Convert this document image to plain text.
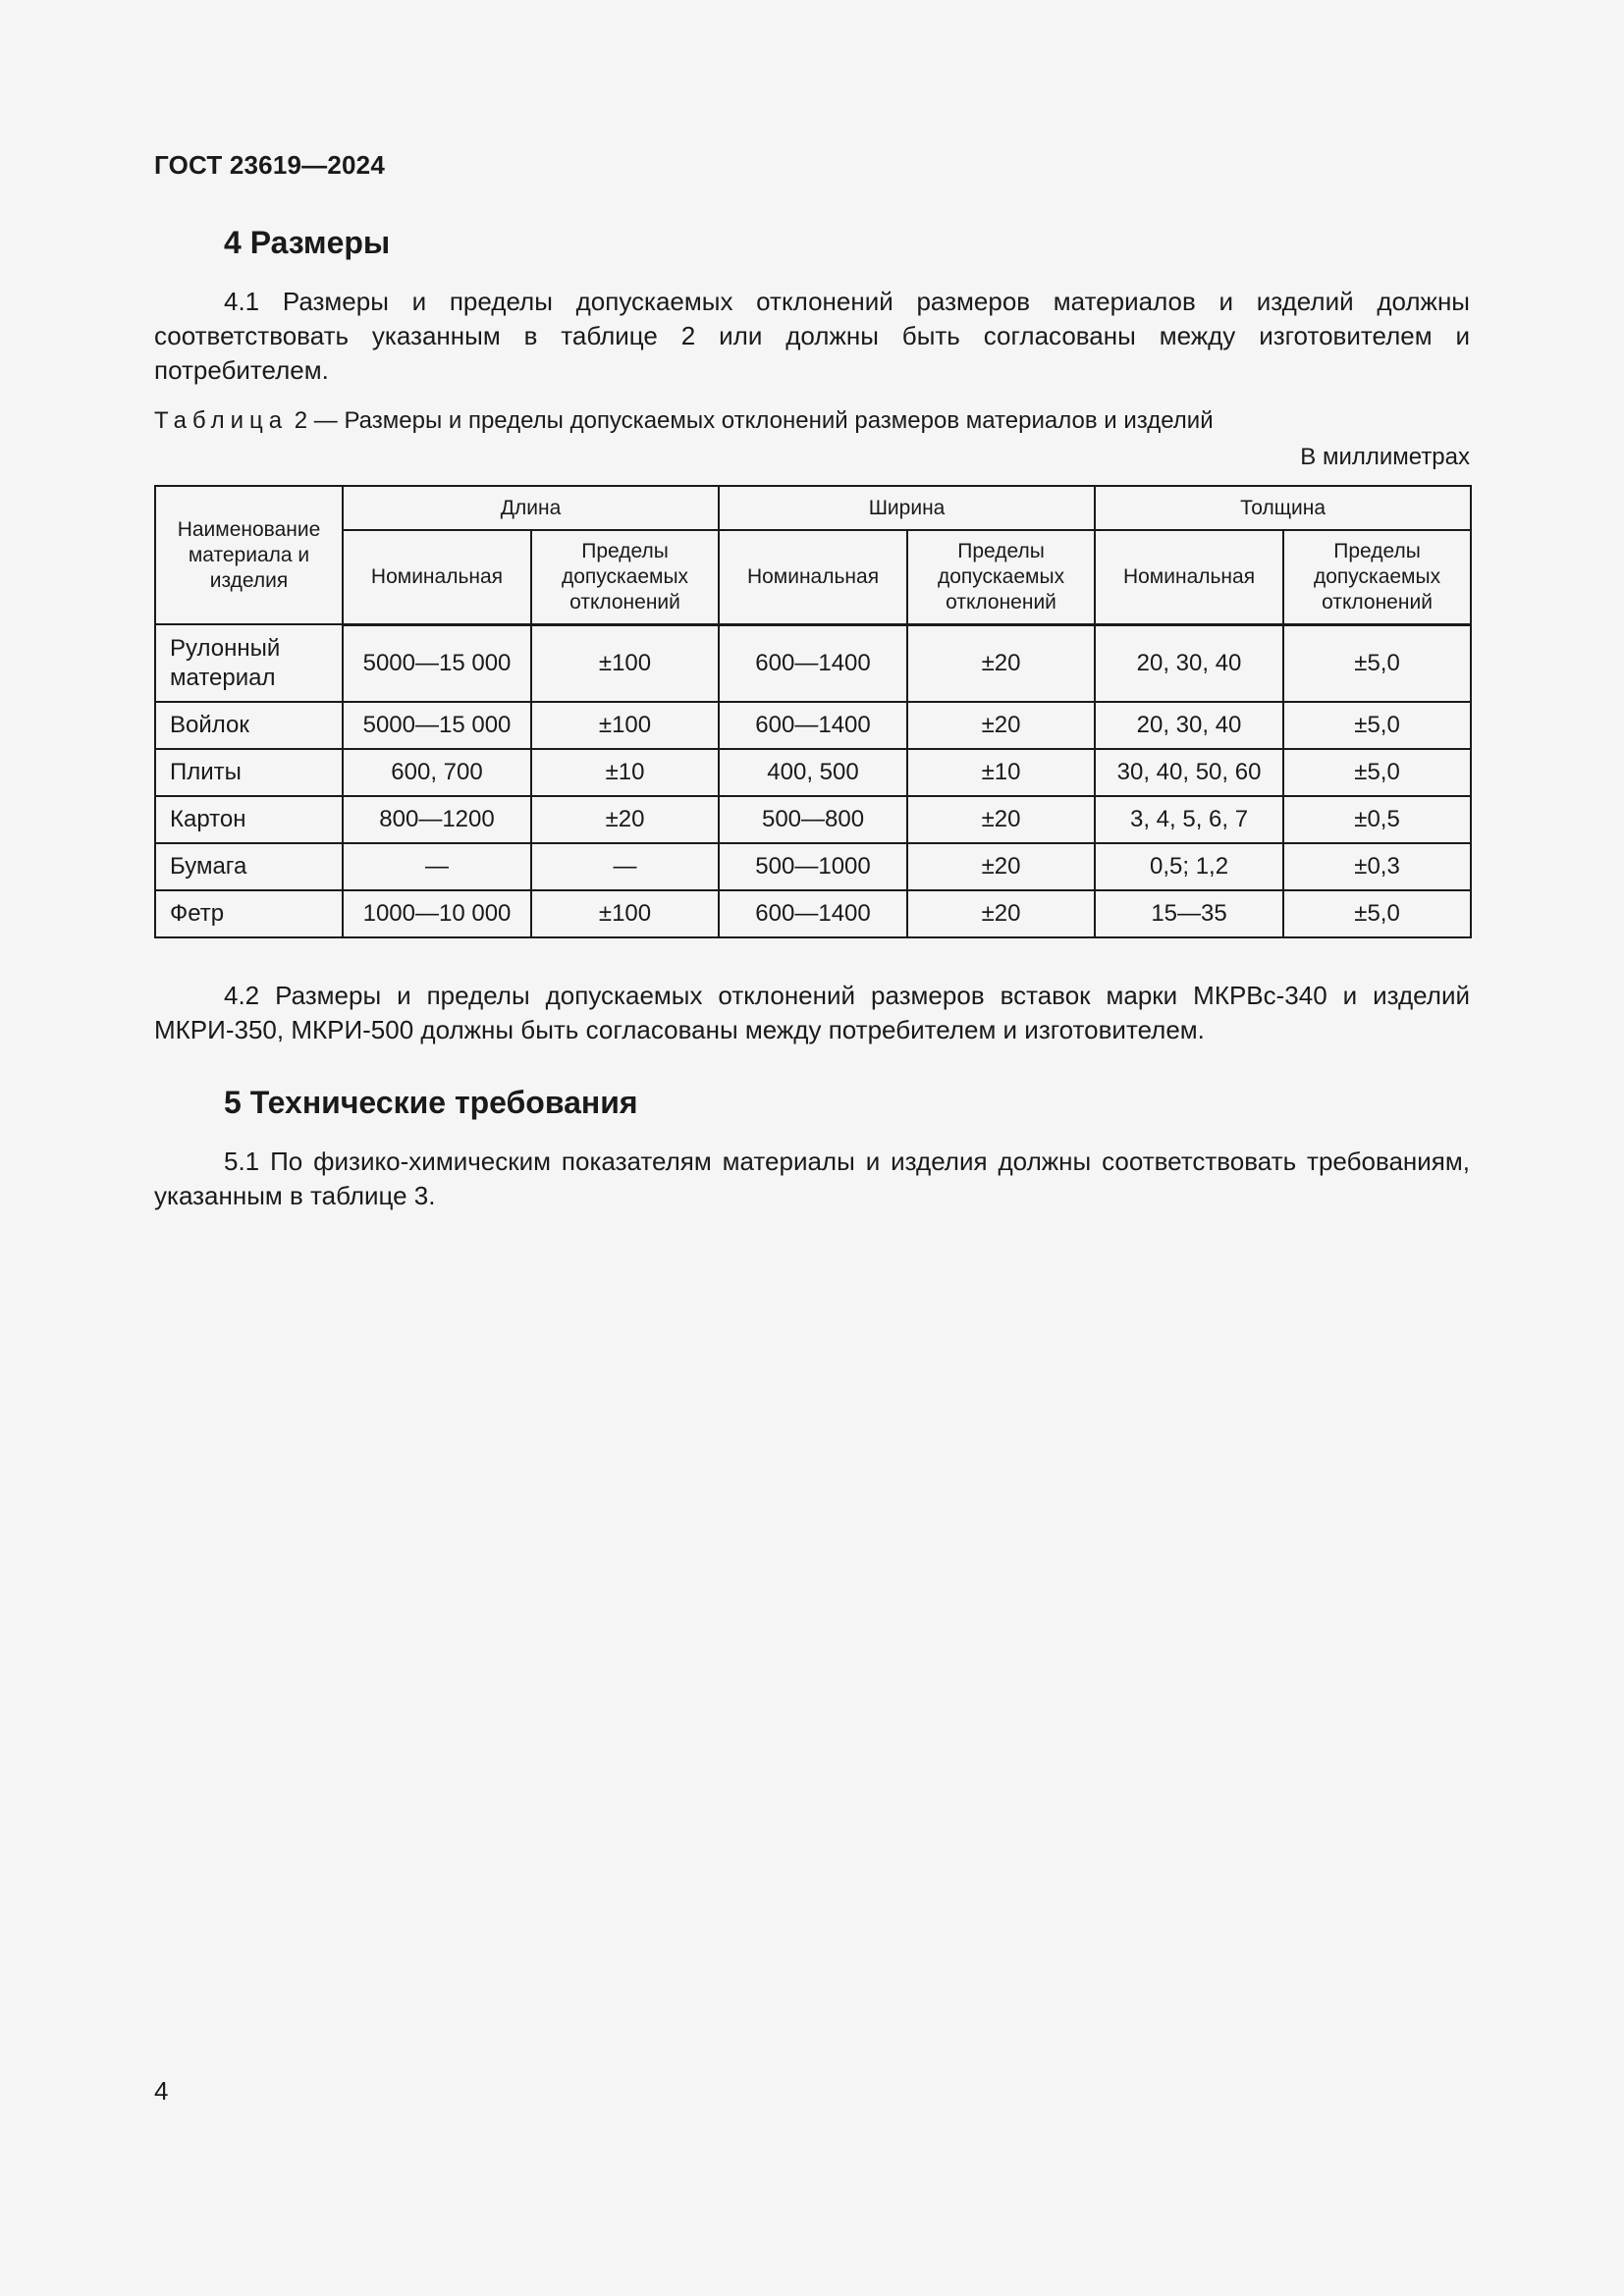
ГОСТ 23619—2024
4 Размеры

4.1 Размеры и пределы допускаемых отклонений размеров материалов и изделий должны соответствовать указанным в таблице 2 или должны быть согласованы между изготовителем и потребителем.

Таблица 2 — Размеры и пределы допускаемых отклонений размеров материалов и изделий
В миллиметрах
Наименование материала и изделия	Длина		Ширина		Толщина	
	Номинальная	Пределы допускаемых отклонений	Номинальная	Пределы допускаемых отклонений	Номинальная	Пределы допускаемых отклонений
Рулонный материал	5000—15 000	±100	600—1400	±20	20, 30, 40	±5,0
Войлок	5000—15 000	±100	600—1400	±20	20, 30, 40	±5,0
Плиты	600, 700	±10	400, 500	±10	30, 40, 50, 60	±5,0
Картон	800—1200	±20	500—800	±20	3, 4, 5, 6, 7	±0,5
Бумага	—	—	500—1000	±20	0,5; 1,2	±0,3
Фетр	1000—10 000	±100	600—1400	±20	15—35	±5,0

4.2 Размеры и пределы допускаемых отклонений размеров вставок марки МКРВс-340 и изделий МКРИ-350, МКРИ-500 должны быть согласованы между потребителем и изготовителем.

5 Технические требования

5.1 По физико-химическим показателям материалы и изделия должны соответствовать требованиям, указанным в таблице 3.

4
